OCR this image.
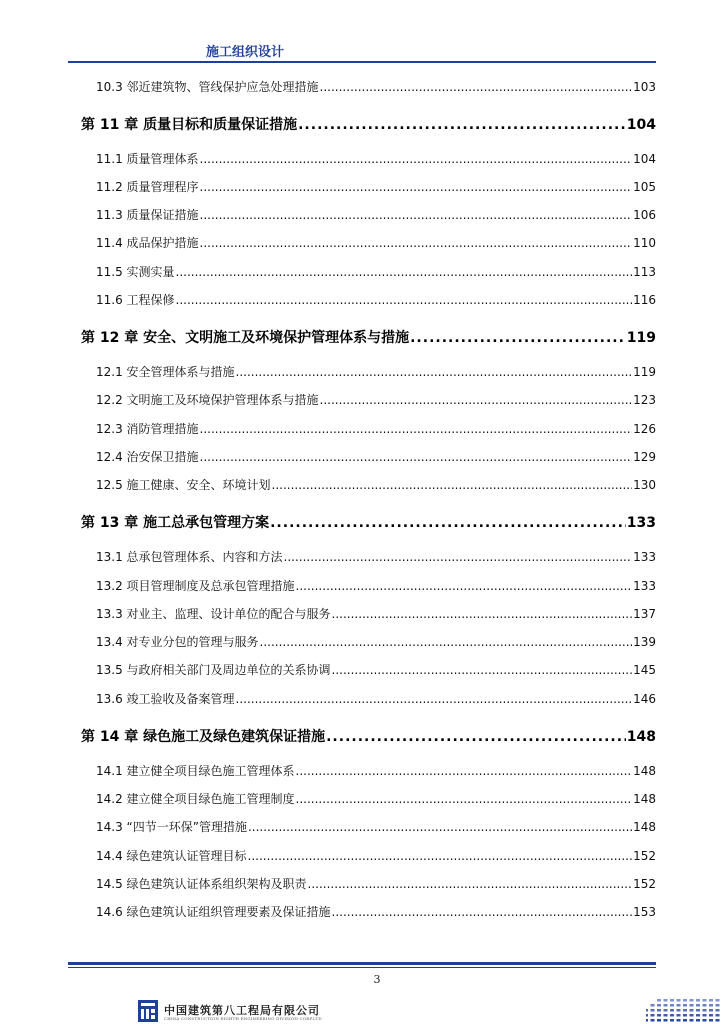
施工组织设计
10.3 邻近建筑物、管线保护应急处理措施 .....	103
第 11 章 质量目标和质量保证措施 .....	104
11.1 质量管理体系 .....	104
11.2 质量管理程序 .....	105
11.3 质量保证措施 .....	106
11.4 成品保护措施 .....	110
11.5 实测实量 .....	113
11.6 工程保修 .....	116
第 12 章 安全、文明施工及环境保护管理体系与措施 .....	119
12.1 安全管理体系与措施 .....	119
12.2 文明施工及环境保护管理体系与措施 .....	123
12.3 消防管理措施 .....	126
12.4 治安保卫措施 .....	129
12.5 施工健康、安全、环境计划 .....	130
第 13 章 施工总承包管理方案 .....	133
13.1 总承包管理体系、内容和方法 .....	133
13.2 项目管理制度及总承包管理措施 .....	133
13.3 对业主、监理、设计单位的配合与服务 .....	137
13.4 对专业分包的管理与服务 .....	139
13.5 与政府相关部门及周边单位的关系协调 .....	145
13.6 竣工验收及备案管理 .....	146
第 14 章 绿色施工及绿色建筑保证措施 .....	148
14.1 建立健全项目绿色施工管理体系 .....	148
14.2 建立健全项目绿色施工管理制度 .....	148
14.3 “四节一环保”管理措施 .....	148
14.4 绿色建筑认证管理目标 .....	152
14.5 绿色建筑认证体系组织架构及职责 .....	152
14.6 绿色建筑认证组织管理要素及保证措施 .....	153
3
中国建筑第八工程局有限公司
CHINA CONSTRUCTION EIGHTH ENGINEERING DIVISION CORP.LTD
